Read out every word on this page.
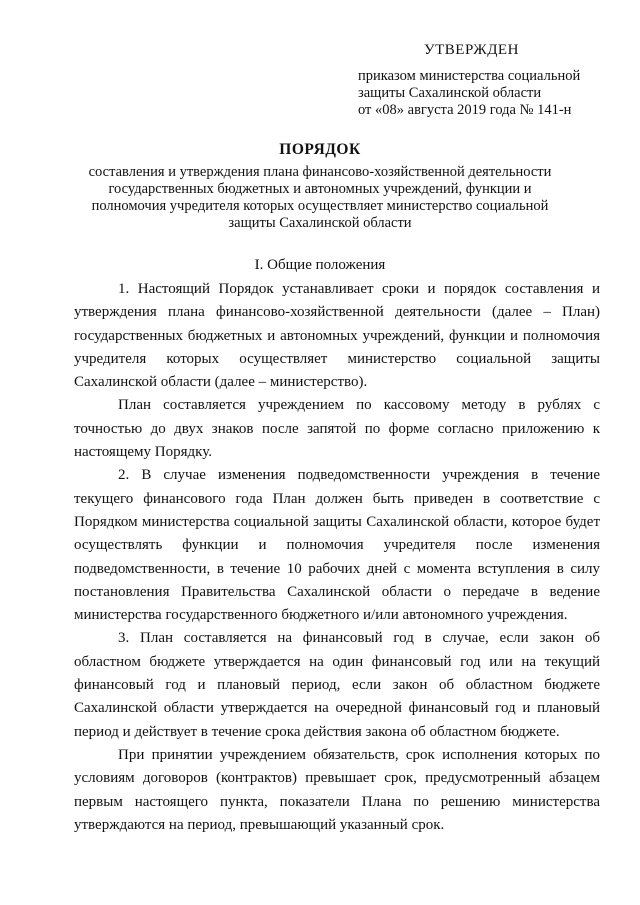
УТВЕРЖДЕН
приказом министерства социальной
защиты Сахалинской области
от «08» августа 2019 года № 141-н
ПОРЯДОК
составления и утверждения плана финансово-хозяйственной деятельности
государственных бюджетных и автономных учреждений, функции и
полномочия учредителя которых осуществляет министерство социальной
защиты Сахалинской области
I. Общие положения

1. Настоящий Порядок устанавливает сроки и порядок составления и утверждения плана финансово-хозяйственной деятельности (далее – План) государственных бюджетных и автономных учреждений, функции и полномочия учредителя которых осуществляет министерство социальной защиты Сахалинской области (далее – министерство).

План составляется учреждением по кассовому методу в рублях с точностью до двух знаков после запятой по форме согласно приложению к настоящему Порядку.

2. В случае изменения подведомственности учреждения в течение текущего финансового года План должен быть приведен в соответствие с Порядком министерства социальной защиты Сахалинской области, которое будет осуществлять функции и полномочия учредителя после изменения подведомственности, в течение 10 рабочих дней с момента вступления в силу постановления Правительства Сахалинской области о передаче в ведение министерства государственного бюджетного и/или автономного учреждения.

3. План составляется на финансовый год в случае, если закон об областном бюджете утверждается на один финансовый год или на текущий финансовый год и плановый период, если закон об областном бюджете Сахалинской области утверждается на очередной финансовый год и плановый период и действует в течение срока действия закона об областном бюджете.

При принятии учреждением обязательств, срок исполнения которых по условиям договоров (контрактов) превышает срок, предусмотренный абзацем первым настоящего пункта, показатели Плана по решению министерства утверждаются на период, превышающий указанный срок.
